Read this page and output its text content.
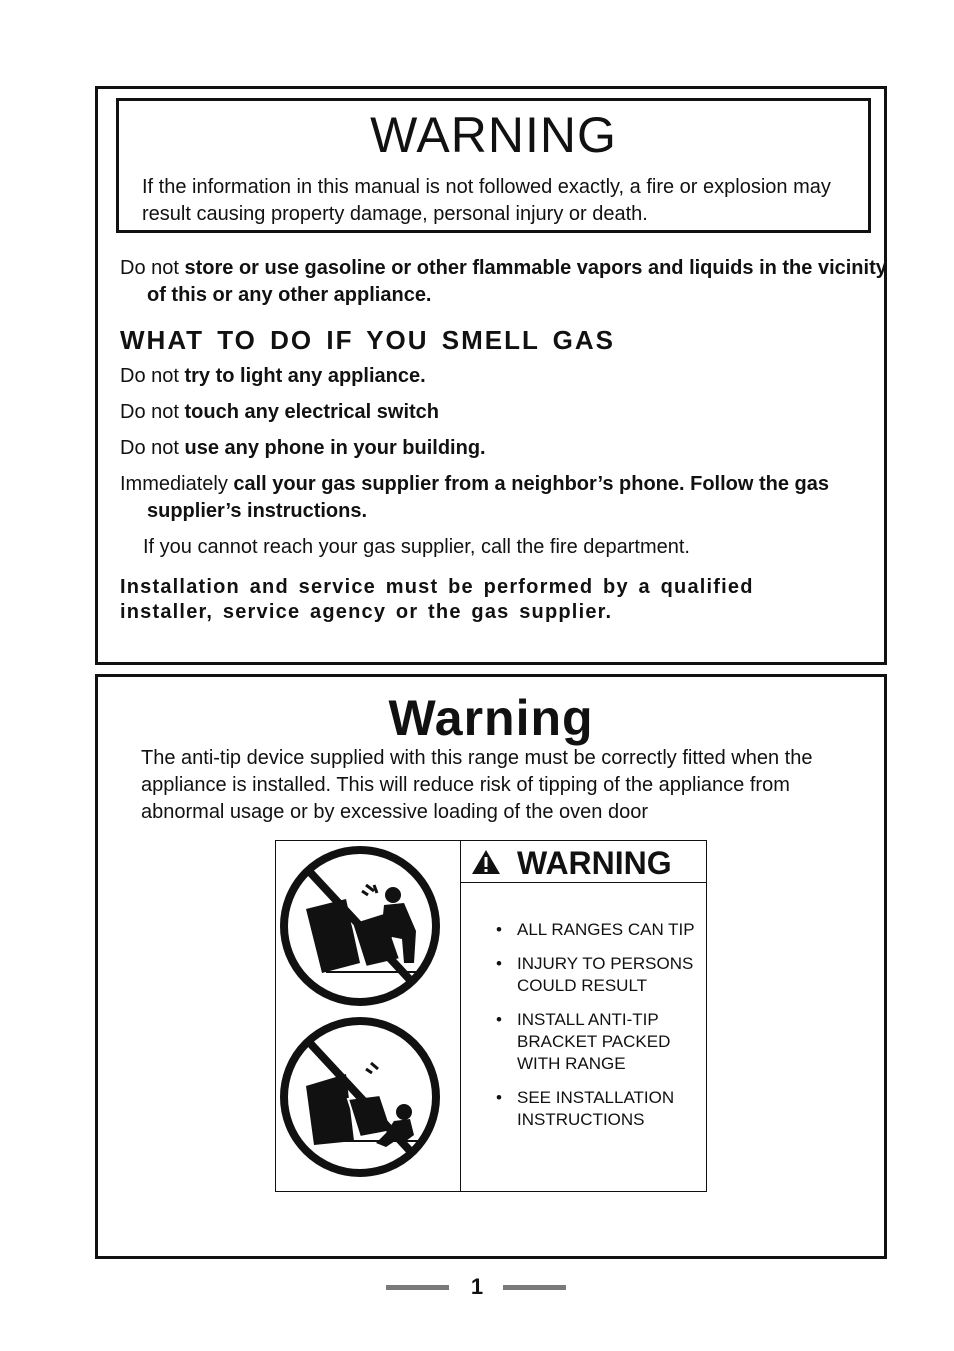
WARNING
If the information in this manual is not followed exactly, a fire or explosion may result causing property damage, personal injury or death.
Do not store or use gasoline or other flammable vapors and liquids in the vicinity of this or any other appliance.
WHAT TO DO IF YOU SMELL GAS
Do not try to light any appliance.
Do not touch any electrical switch
Do not use any phone in your building.
Immediately call your gas supplier from a neighbor’s phone. Follow the gas supplier’s instructions.
If you cannot reach your gas supplier, call the fire department.
Installation and service must be performed by a qualified installer, service agency or the gas supplier.
Warning
The anti-tip device supplied with this range must be correctly fitted when the appliance is installed. This will reduce risk of tipping of the appliance from abnormal usage or by excessive loading of the oven door
WARNING
• ALL RANGES CAN TIP
• INJURY TO PERSONS COULD RESULT
• INSTALL ANTI-TIP BRACKET PACKED WITH RANGE
• SEE INSTALLATION INSTRUCTIONS
1
